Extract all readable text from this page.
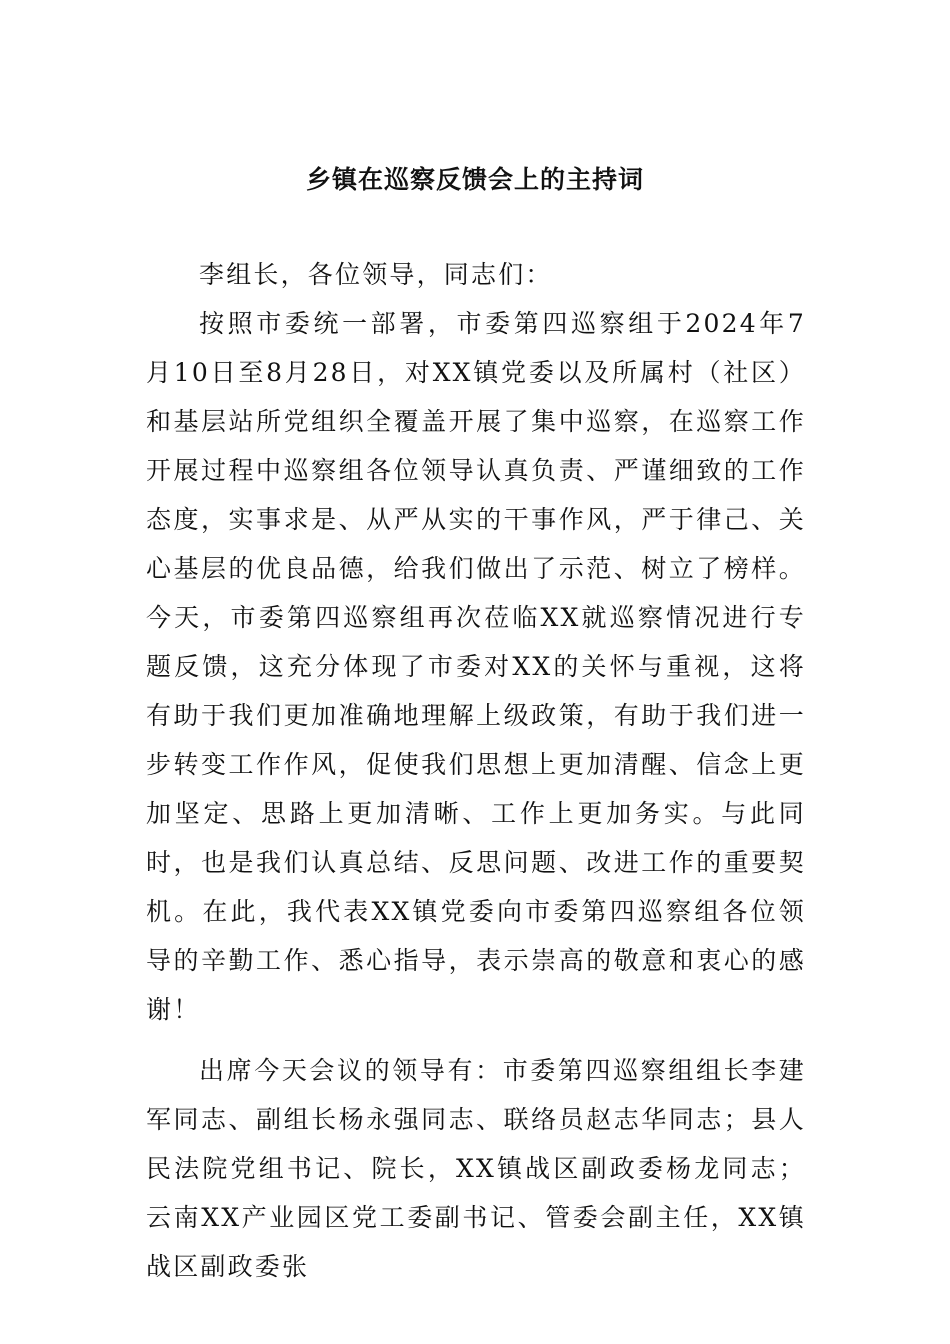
乡镇在巡察反馈会上的主持词

李组长，各位领导，同志们：

按照市委统一部署，市委第四巡察组于2024年7月10日至8月28日，对XX镇党委以及所属村（社区）和基层站所党组织全覆盖开展了集中巡察，在巡察工作开展过程中巡察组各位领导认真负责、严谨细致的工作态度，实事求是、从严从实的干事作风，严于律己、关心基层的优良品德，给我们做出了示范、树立了榜样。今天，市委第四巡察组再次莅临XX就巡察情况进行专题反馈，这充分体现了市委对XX的关怀与重视，这将有助于我们更加准确地理解上级政策，有助于我们进一步转变工作作风，促使我们思想上更加清醒、信念上更加坚定、思路上更加清晰、工作上更加务实。与此同时，也是我们认真总结、反思问题、改进工作的重要契机。在此，我代表XX镇党委向市委第四巡察组各位领导的辛勤工作、悉心指导，表示崇高的敬意和衷心的感谢！

出席今天会议的领导有：市委第四巡察组组长李建军同志、副组长杨永强同志、联络员赵志华同志；县人民法院党组书记、院长，XX镇战区副政委杨龙同志；云南XX产业园区党工委副书记、管委会副主任，XX镇战区副政委张
